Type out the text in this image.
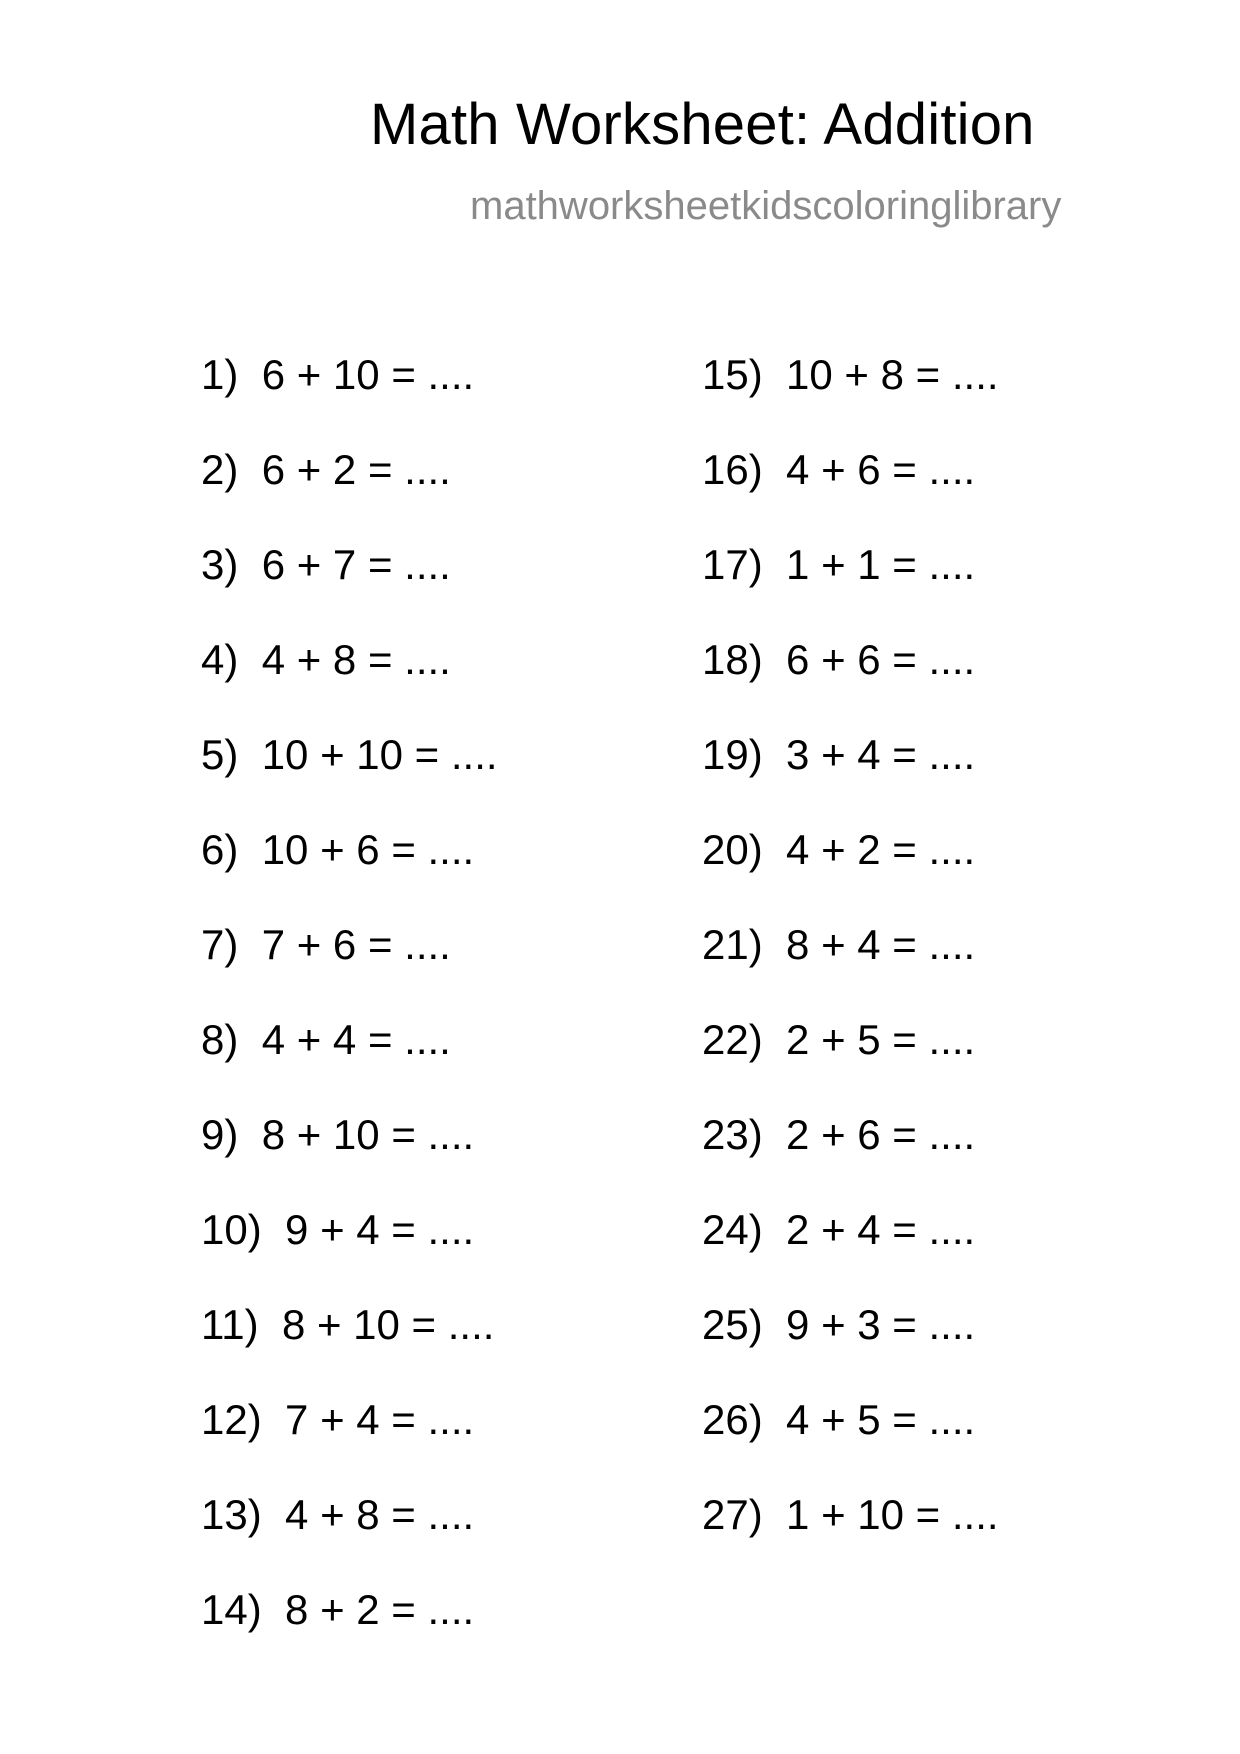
Math Worksheet: Addition
mathworksheetkidscoloringlibrary
1) 6 + 10 = ....
2) 6 + 2 = ....
3) 6 + 7 = ....
4) 4 + 8 = ....
5) 10 + 10 = ....
6) 10 + 6 = ....
7) 7 + 6 = ....
8) 4 + 4 = ....
9) 8 + 10 = ....
10) 9 + 4 = ....
11) 8 + 10 = ....
12) 7 + 4 = ....
13) 4 + 8 = ....
14) 8 + 2 = ....
15) 10 + 8 = ....
16) 4 + 6 = ....
17) 1 + 1 = ....
18) 6 + 6 = ....
19) 3 + 4 = ....
20) 4 + 2 = ....
21) 8 + 4 = ....
22) 2 + 5 = ....
23) 2 + 6 = ....
24) 2 + 4 = ....
25) 9 + 3 = ....
26) 4 + 5 = ....
27) 1 + 10 = ....
